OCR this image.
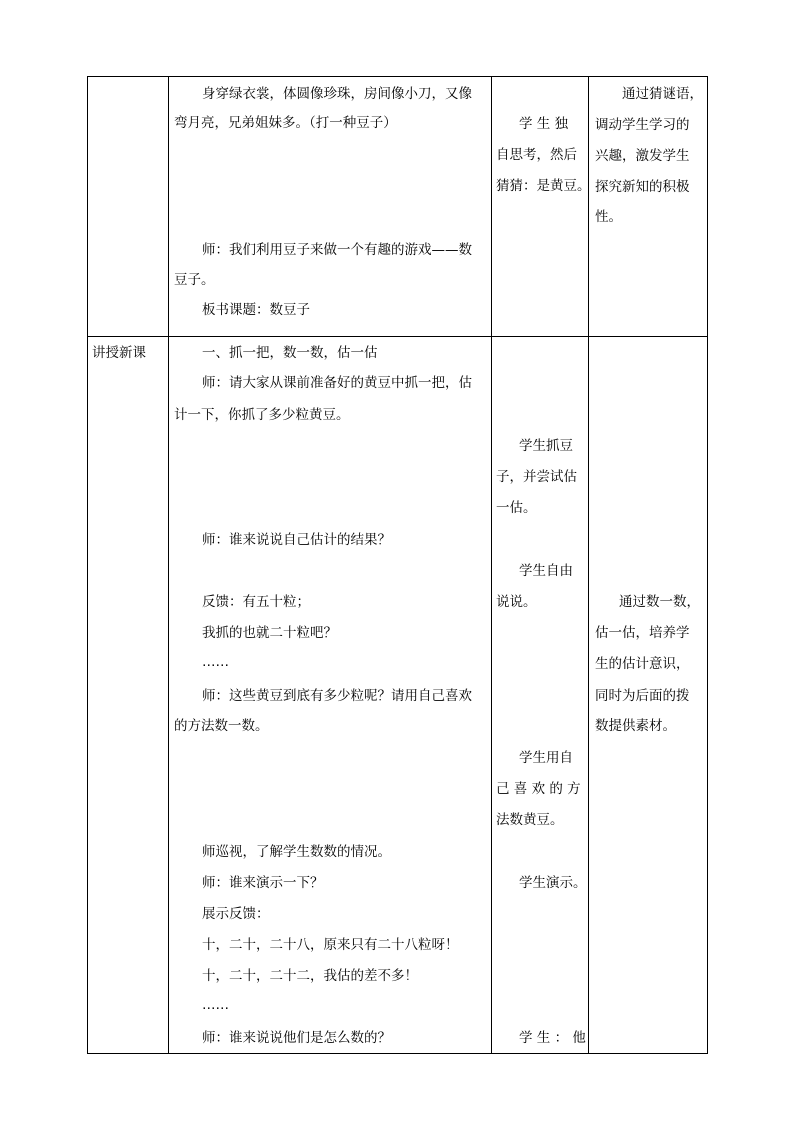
身穿绿衣裳，体圆像珍珠，房间像小刀，又像
弯月亮，兄弟姐妹多。（打一种豆子）
师：我们利用豆子来做一个有趣的游戏——数
豆子。
板书课题：数豆子
学 生 独
自思考，然后
猜猜：是黄豆。
通过猜谜语，
调动学生学习的
兴趣，激发学生
探究新知的积极
性。
讲授新课	一、抓一把，数一数，估一估
师：请大家从课前准备好的黄豆中抓一把，估
计一下，你抓了多少粒黄豆。
师：谁来说说自己估计的结果？
反馈：有五十粒；
我抓的也就二十粒吧？
……
师：这些黄豆到底有多少粒呢？请用自己喜欢
的方法数一数。
师巡视，了解学生数数的情况。
师：谁来演示一下？
展示反馈：
十，二十，二十八，原来只有二十八粒呀！
十，二十，二十二，我估的差不多！
……
师：谁来说说他们是怎么数的？
学生抓豆
子，并尝试估
一估。
学生自由
说说。
学生用自
己 喜 欢 的 方
法数黄豆。
学生演示。
学 生 ： 他
通过数一数，
估一估，培养学
生的估计意识，
同时为后面的拨
数提供素材。
